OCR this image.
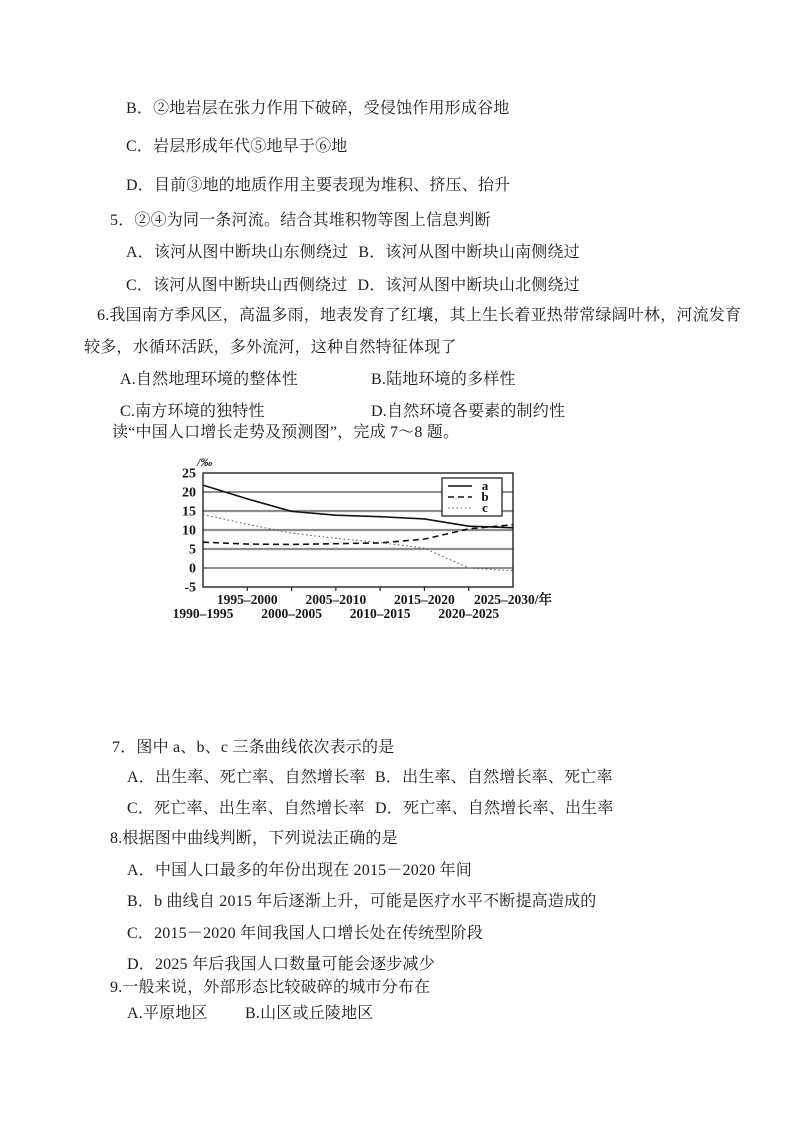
B．②地岩层在张力作用下破碎，受侵蚀作用形成谷地
C．岩层形成年代⑤地早于⑥地
D．目前③地的地质作用主要表现为堆积、挤压、抬升
5．②④为同一条河流。结合其堆积物等图上信息判断
A．该河从图中断块山东侧绕过 B．该河从图中断块山南侧绕过
C．该河从图中断块山西侧绕过 D．该河从图中断块山北侧绕过
6.我国南方季风区，高温多雨，地表发育了红壤，其上生长着亚热带常绿阔叶林，河流发育
较多，水循环活跃，多外流河，这种自然特征体现了
A.自然地理环境的整体性	B.陆地环境的多样性
C.南方环境的独特性	D.自然环境各要素的制约性
读“中国人口增长走势及预测图”，完成 7～8 题。
25
20
15
10
5
0
-5
/‰
1990–1995
1995–2000
2000–2005
2005–2010
2010–2015
2015–2020
2020–2025
2025–2030/年
a
b
c
7．图中 a、b、c 三条曲线依次表示的是
A．出生率、死亡率、自然增长率 B．出生率、自然增长率、死亡率
C．死亡率、出生率、自然增长率 D．死亡率、自然增长率、出生率
8.根据图中曲线判断，下列说法正确的是
A．中国人口最多的年份出现在 2015－2020 年间
B．b 曲线自 2015 年后逐渐上升，可能是医疗水平不断提高造成的
C．2015－2020 年间我国人口增长处在传统型阶段
D．2025 年后我国人口数量可能会逐步减少
9.一般来说，外部形态比较破碎的城市分布在
A.平原地区 B.山区或丘陵地区
